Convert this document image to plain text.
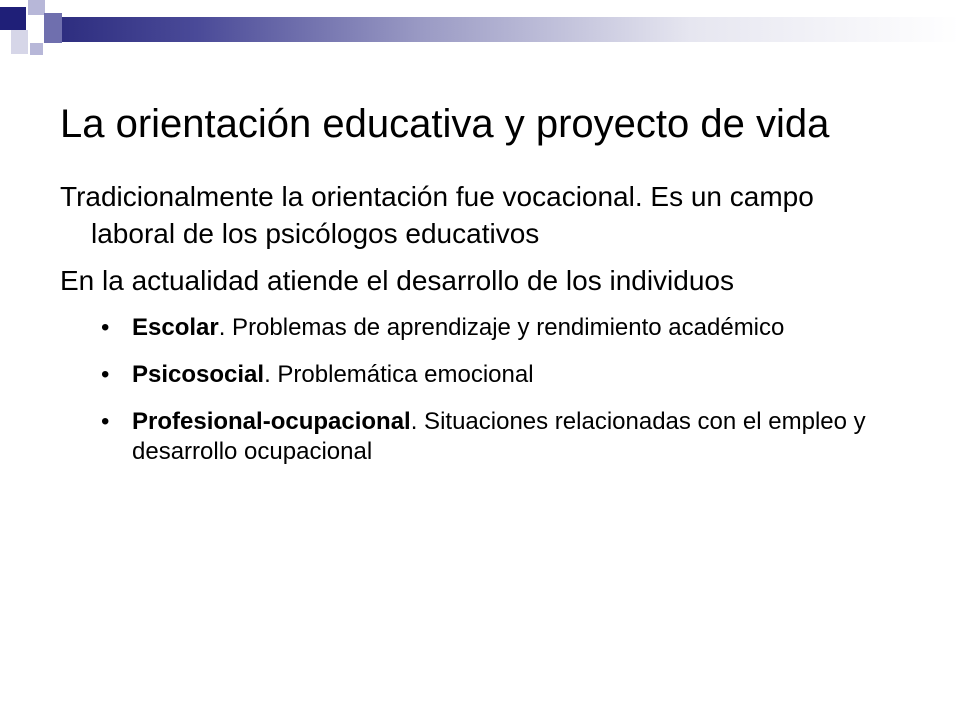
La orientación educativa y proyecto de vida

Tradicionalmente la orientación fue vocacional. Es un campo laboral de los psicólogos educativos

En la actualidad atiende el desarrollo de los individuos

• Escolar. Problemas de aprendizaje y rendimiento académico
• Psicosocial. Problemática emocional
• Profesional-ocupacional. Situaciones relacionadas con el empleo y desarrollo ocupacional
